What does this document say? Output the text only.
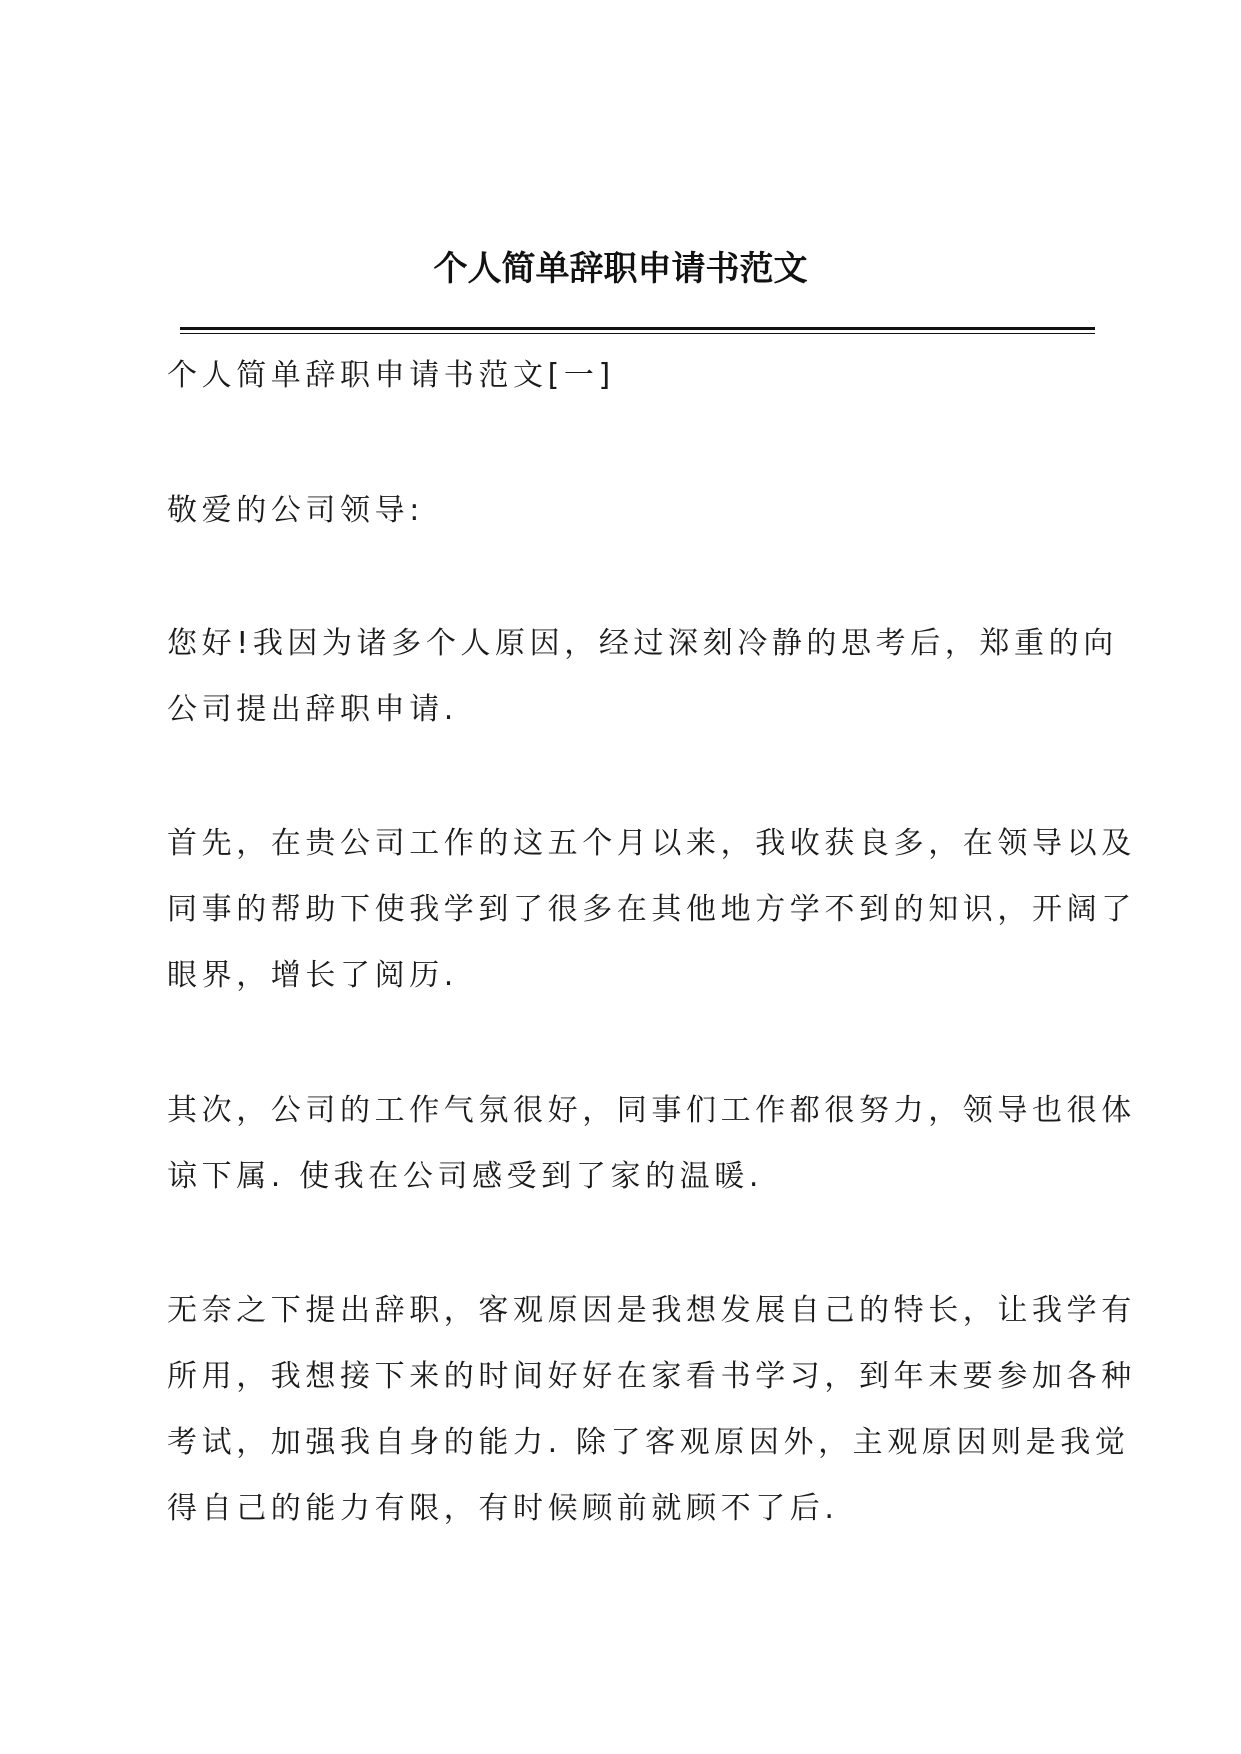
个人简单辞职申请书范文

个人简单辞职申请书范文[一]

敬爱的公司领导:

您好!我因为诸多个人原因，经过深刻冷静的思考后，郑重的向
公司提出辞职申请.

首先，在贵公司工作的这五个月以来，我收获良多，在领导以及
同事的帮助下使我学到了很多在其他地方学不到的知识，开阔了
眼界，增长了阅历.

其次，公司的工作气氛很好，同事们工作都很努力，领导也很体
谅下属. 使我在公司感受到了家的温暖.

无奈之下提出辞职，客观原因是我想发展自己的特长，让我学有
所用，我想接下来的时间好好在家看书学习，到年末要参加各种
考试，加强我自身的能力. 除了客观原因外，主观原因则是我觉
得自己的能力有限，有时候顾前就顾不了后.
